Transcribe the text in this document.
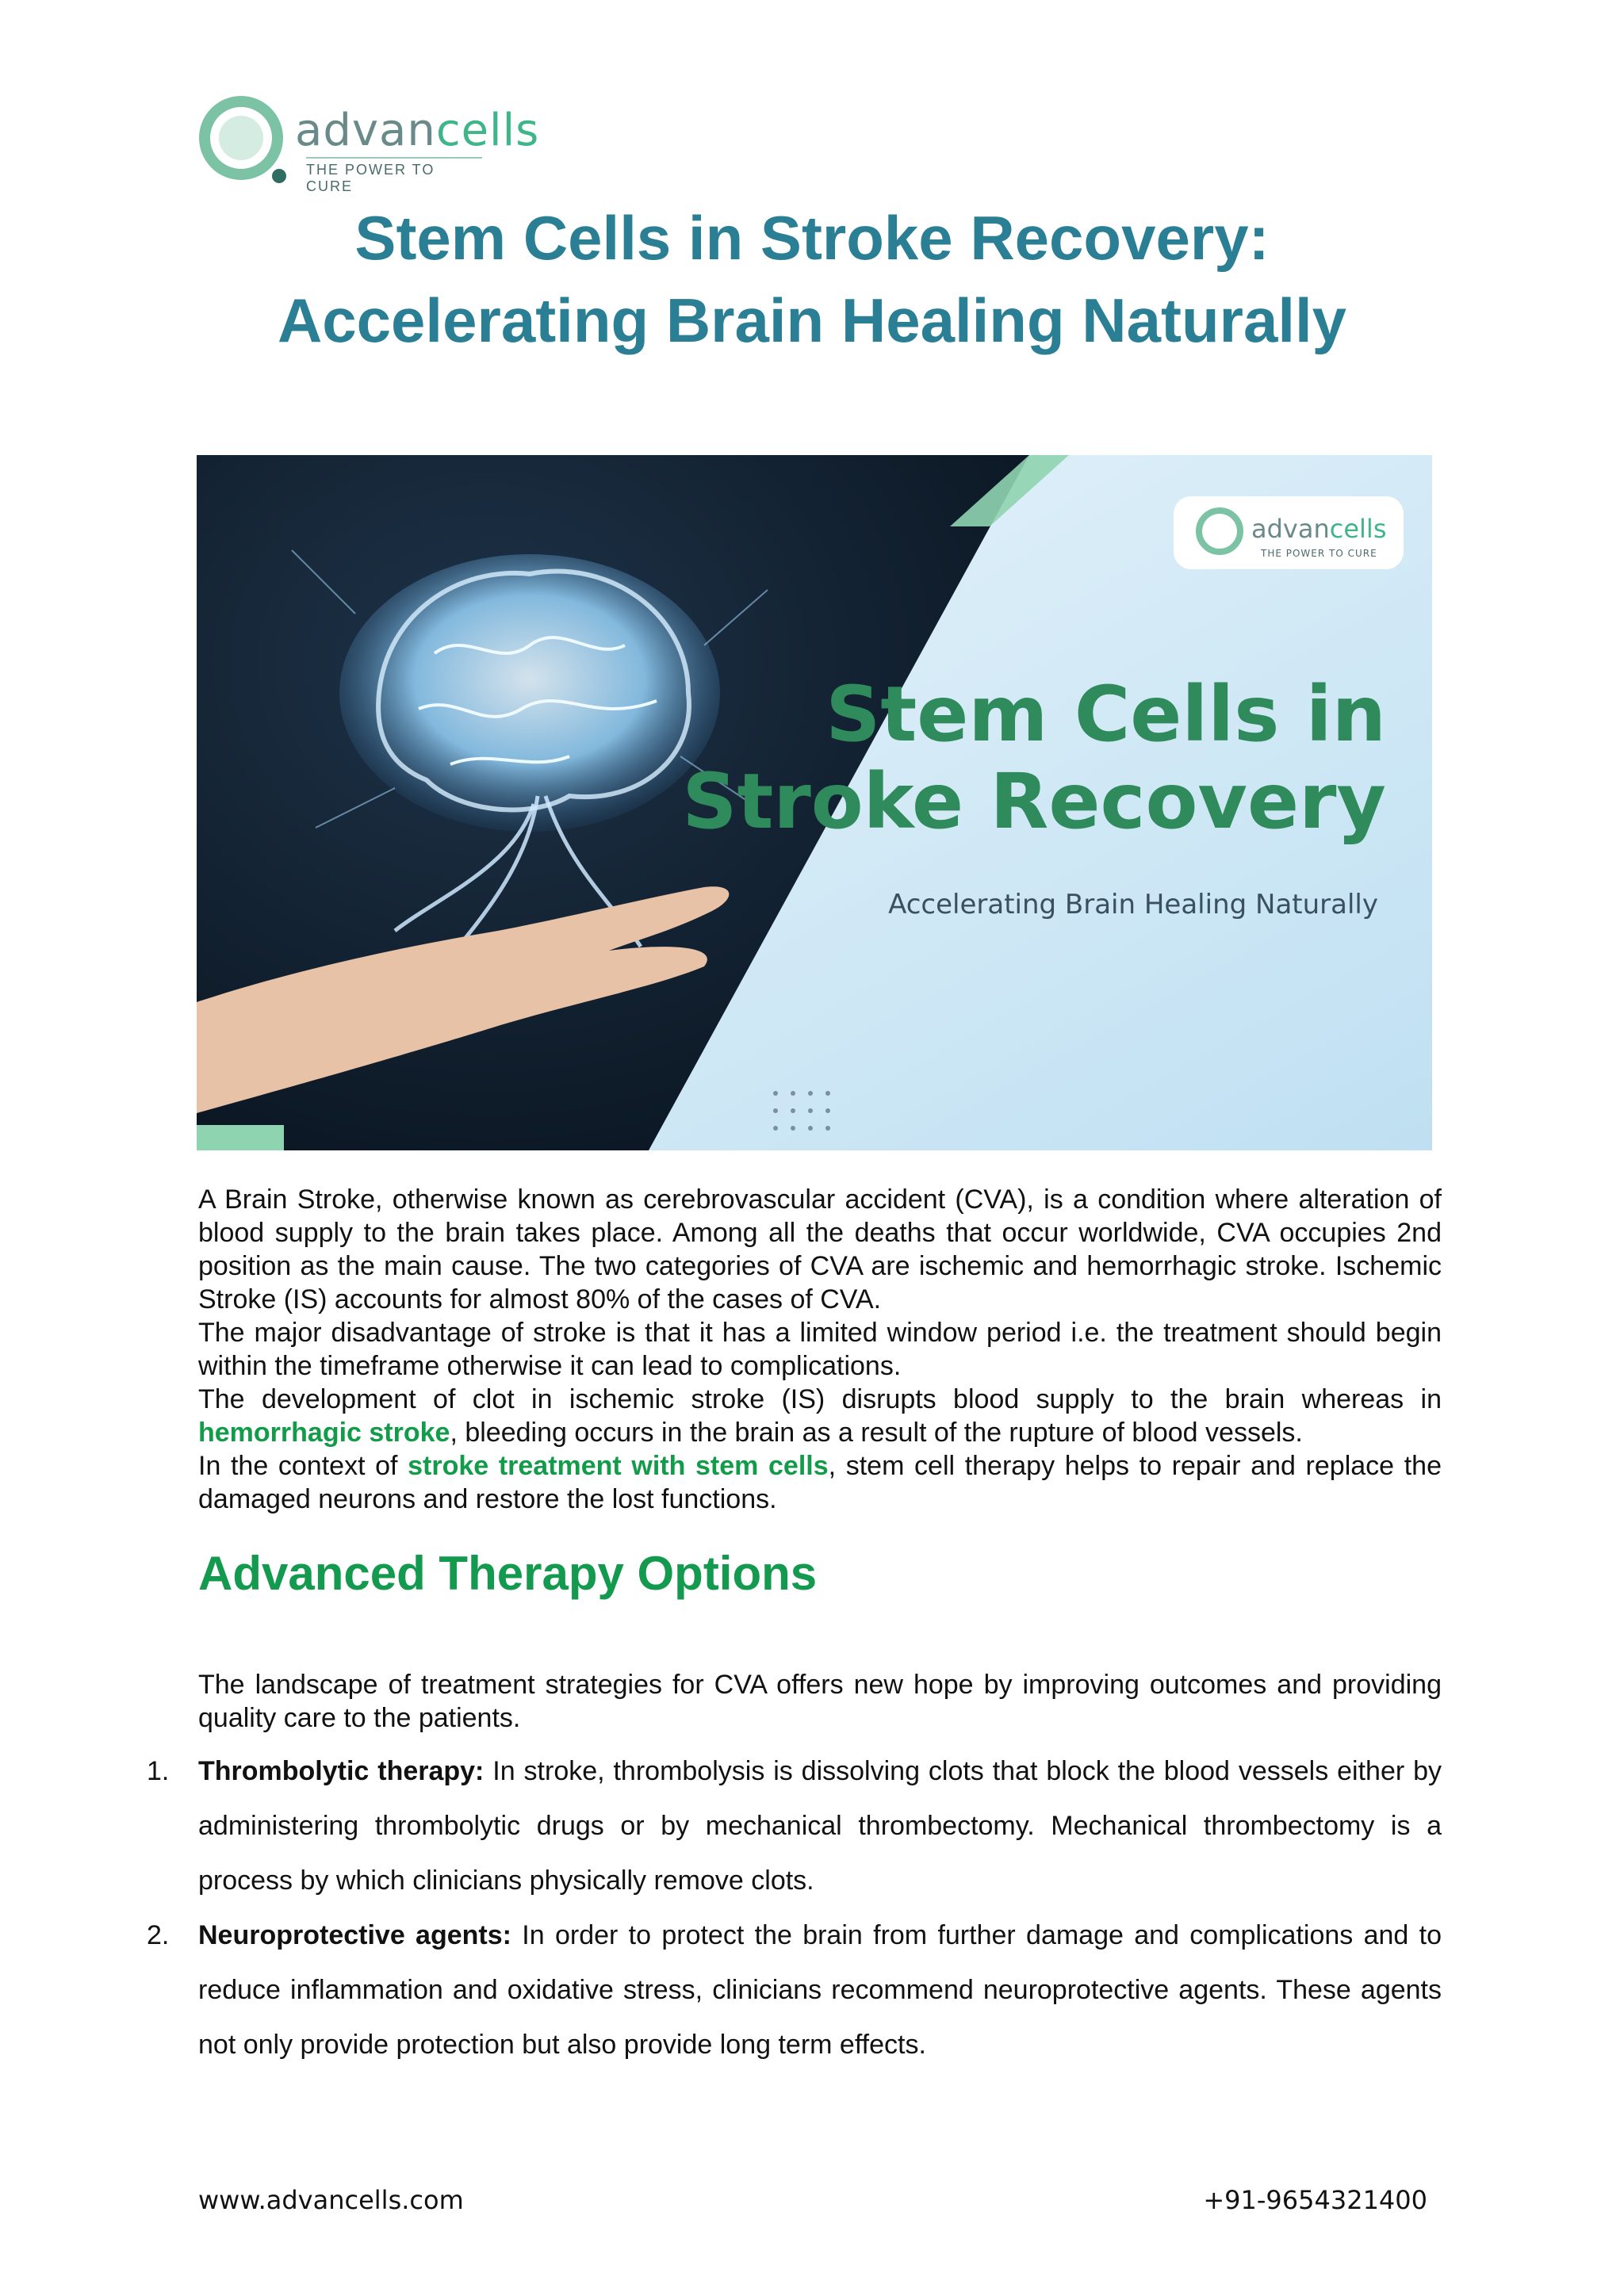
advancells
THE POWER TO CURE
Stem Cells in Stroke Recovery:
Accelerating Brain Healing Naturally
advancells
THE POWER TO CURE
Stem Cells in
Stroke Recovery
Accelerating Brain Healing Naturally

A Brain Stroke, otherwise known as cerebrovascular accident (CVA), is a condition where alteration of blood supply to the brain takes place. Among all the deaths that occur worldwide, CVA occupies 2nd position as the main cause. The two categories of CVA are ischemic and hemorrhagic stroke. Ischemic Stroke (IS) accounts for almost 80% of the cases of CVA.

The major disadvantage of stroke is that it has a limited window period i.e. the treatment should begin within the timeframe otherwise it can lead to complications.

The development of clot in ischemic stroke (IS) disrupts blood supply to the brain whereas in hemorrhagic stroke, bleeding occurs in the brain as a result of the rupture of blood vessels.

In the context of stroke treatment with stem cells, stem cell therapy helps to repair and replace the damaged neurons and restore the lost functions.

Advanced Therapy Options

The landscape of treatment strategies for CVA offers new hope by improving outcomes and providing quality care to the patients.

1. Thrombolytic therapy: In stroke, thrombolysis is dissolving clots that block the blood vessels either by administering thrombolytic drugs or by mechanical thrombectomy. Mechanical thrombectomy is a process by which clinicians physically remove clots.
2. Neuroprotective agents: In order to protect the brain from further damage and complications and to reduce inflammation and oxidative stress, clinicians recommend neuroprotective agents. These agents not only provide protection but also provide long term effects.
www.advancells.com	+91-9654321400
